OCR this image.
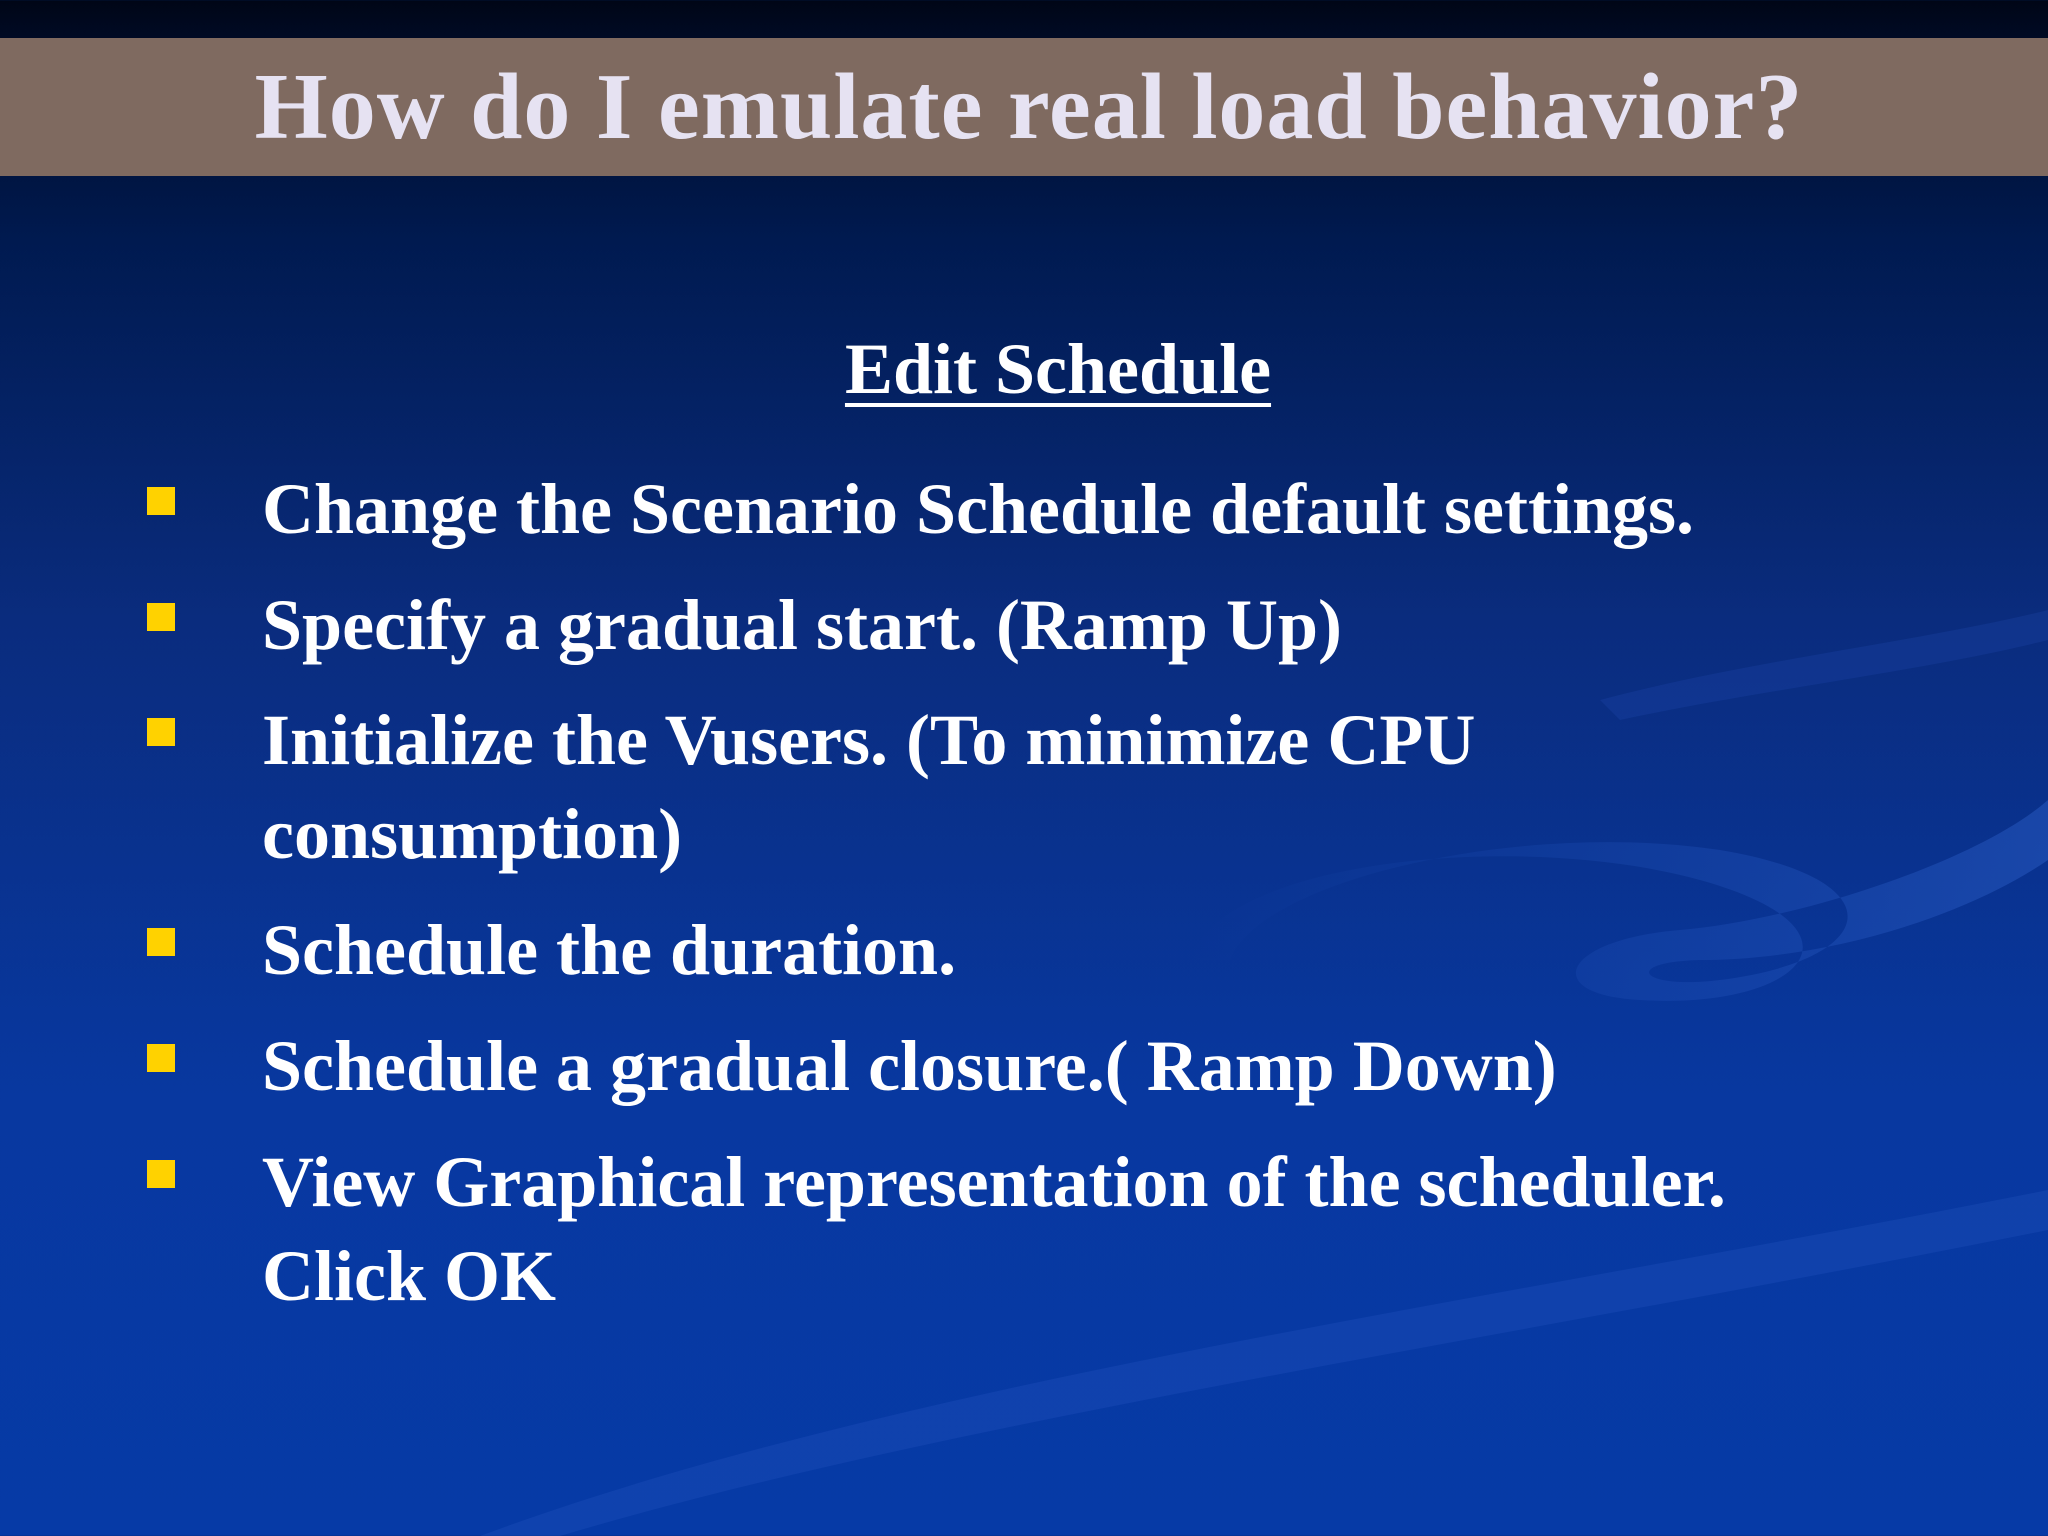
How do I emulate real load behavior?
Edit Schedule
Change the Scenario Schedule default settings.
Specify a gradual start. (Ramp Up)
Initialize the Vusers. (To minimize CPU
consumption)
Schedule the duration.
Schedule a gradual closure.( Ramp Down)
View Graphical representation of the scheduler.
Click OK
